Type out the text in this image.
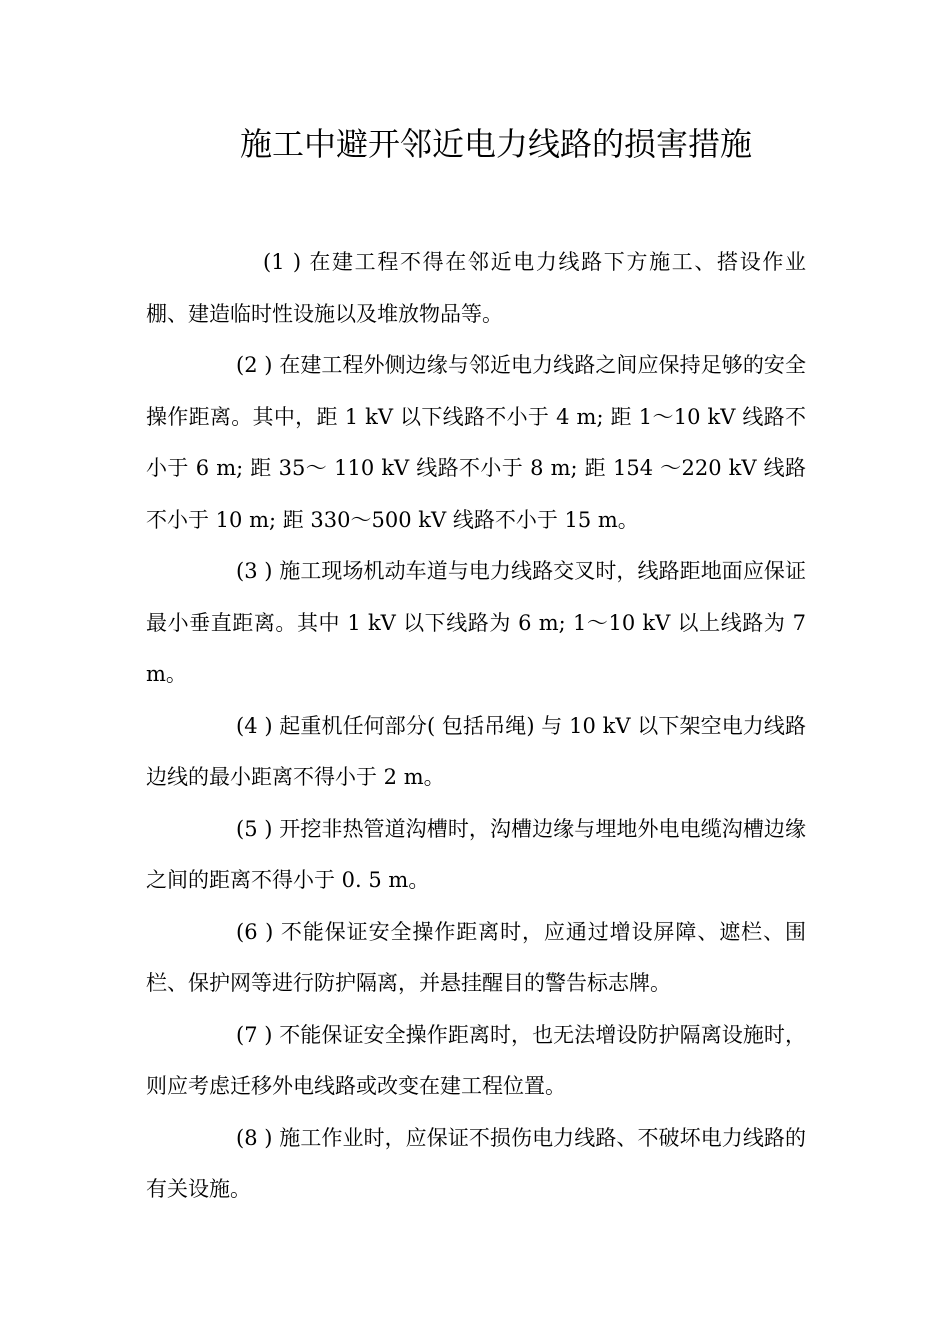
施工中避开邻近电力线路的损害措施

(1 ) 在建工程不得在邻近电力线路下方施工、搭设作业棚、建造临时性设施以及堆放物品等。

(2 ) 在建工程外侧边缘与邻近电力线路之间应保持足够的安全操作距离。其中，距 1 kV 以下线路不小于 4 m; 距 1～10 kV 线路不小于 6 m; 距 35～ 110 kV 线路不小于 8 m; 距 154 ～220 kV 线路不小于 10 m; 距 330～500 kV 线路不小于 15 m。

(3 ) 施工现场机动车道与电力线路交叉时，线路距地面应保证最小垂直距离。其中 1 kV 以下线路为 6 m; 1～10 kV 以上线路为 7 m。

(4 ) 起重机任何部分( 包括吊绳) 与 10 kV 以下架空电力线路边线的最小距离不得小于 2 m。

(5 ) 开挖非热管道沟槽时，沟槽边缘与埋地外电电缆沟槽边缘之间的距离不得小于 0. 5 m。

(6 ) 不能保证安全操作距离时，应通过增设屏障、遮栏、围栏、保护网等进行防护隔离，并悬挂醒目的警告标志牌。

(7 ) 不能保证安全操作距离时，也无法增设防护隔离设施时，则应考虑迁移外电线路或改变在建工程位置。

(8 ) 施工作业时，应保证不损伤电力线路、不破坏电力线路的有关设施。
